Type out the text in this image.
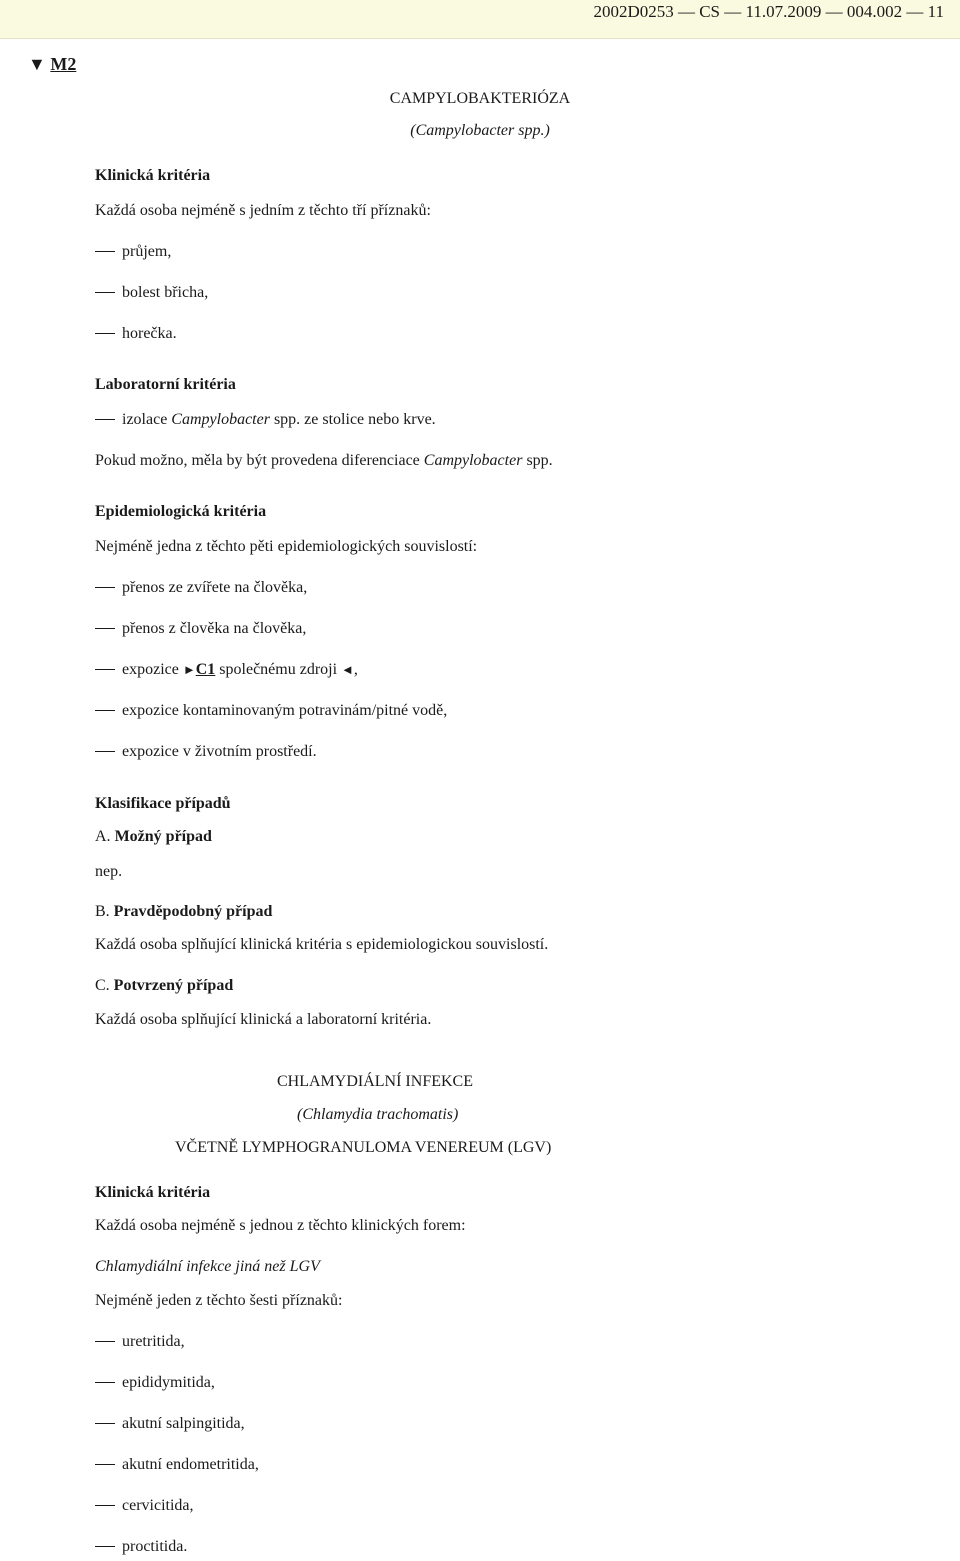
2002D0253 — CS — 11.07.2009 — 004.002 — 11
▼ M2
CAMPYLOBAKTERIÓZA
(Campylobacter spp.)
Klinická kritéria
Každá osoba nejméně s jedním z těchto tří příznaků:
průjem,
bolest břicha,
horečka.
Laboratorní kritéria
izolace Campylobacter spp. ze stolice nebo krve.
Pokud možno, měla by být provedena diferenciace Campylobacter spp.
Epidemiologická kritéria
Nejméně jedna z těchto pěti epidemiologických souvislostí:
přenos ze zvířete na člověka,
přenos z člověka na člověka,
expozice ►C1 společnému zdroji ◄,
expozice kontaminovaným potravinám/pitné vodě,
expozice v životním prostředí.
Klasifikace případů
A. Možný případ
nep.
B. Pravděpodobný případ
Každá osoba splňující klinická kritéria s epidemiologickou souvislostí.
C. Potvrzený případ
Každá osoba splňující klinická a laboratorní kritéria.
CHLAMYDIÁLNÍ INFEKCE
(Chlamydia trachomatis)
VČETNĚ LYMPHOGRANULOMA VENEREUM (LGV)
Klinická kritéria
Každá osoba nejméně s jednou z těchto klinických forem:
Chlamydiální infekce jiná než LGV
Nejméně jeden z těchto šesti příznaků:
uretritida,
epididymitida,
akutní salpingitida,
akutní endometritida,
cervicitida,
proctitida.
